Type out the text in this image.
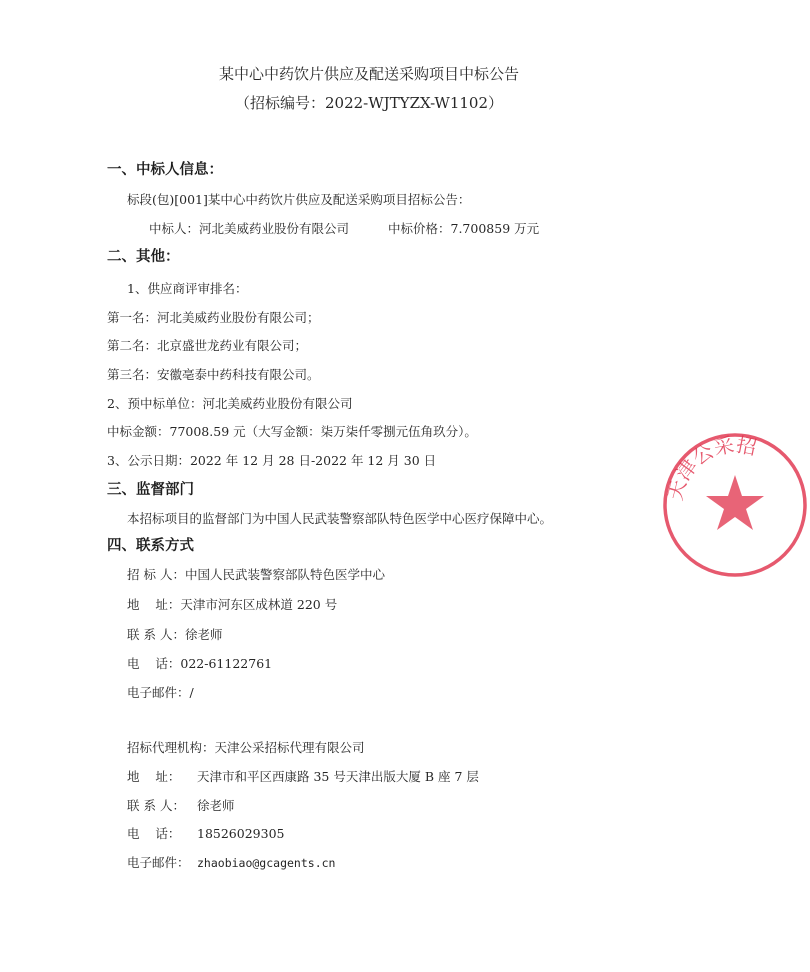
某中心中药饮片供应及配送采购项目中标公告
（招标编号：2022-WJTYZX-W1102）
一、中标人信息：
标段(包)[001]某中心中药饮片供应及配送采购项目招标公告：
中标人：河北美威药业股份有限公司	中标价格：7.700859 万元
二、其他：
1、供应商评审排名：
第一名：河北美威药业股份有限公司；
第二名：北京盛世龙药业有限公司；
第三名：安徽亳泰中药科技有限公司。
2、预中标单位：河北美威药业股份有限公司
中标金额：77008.59 元（大写金额：柒万柒仟零捌元伍角玖分）。
3、公示日期：2022 年 12 月 28 日-2022 年 12 月 30 日
三、监督部门
本招标项目的监督部门为中国人民武装警察部队特色医学中心医疗保障中心。
四、联系方式
招 标 人：中国人民武装警察部队特色医学中心
地    址：天津市河东区成林道 220 号
联 系 人：徐老师
电    话：022-61122761
电子邮件：/
招标代理机构：天津公采招标代理有限公司
地    址： 天津市和平区西康路 35 号天津出版大厦 B 座 7 层
联 系 人： 徐老师
电    话： 18526029305
电子邮件： zhaobiao@gcagents.cn
天津公采招
